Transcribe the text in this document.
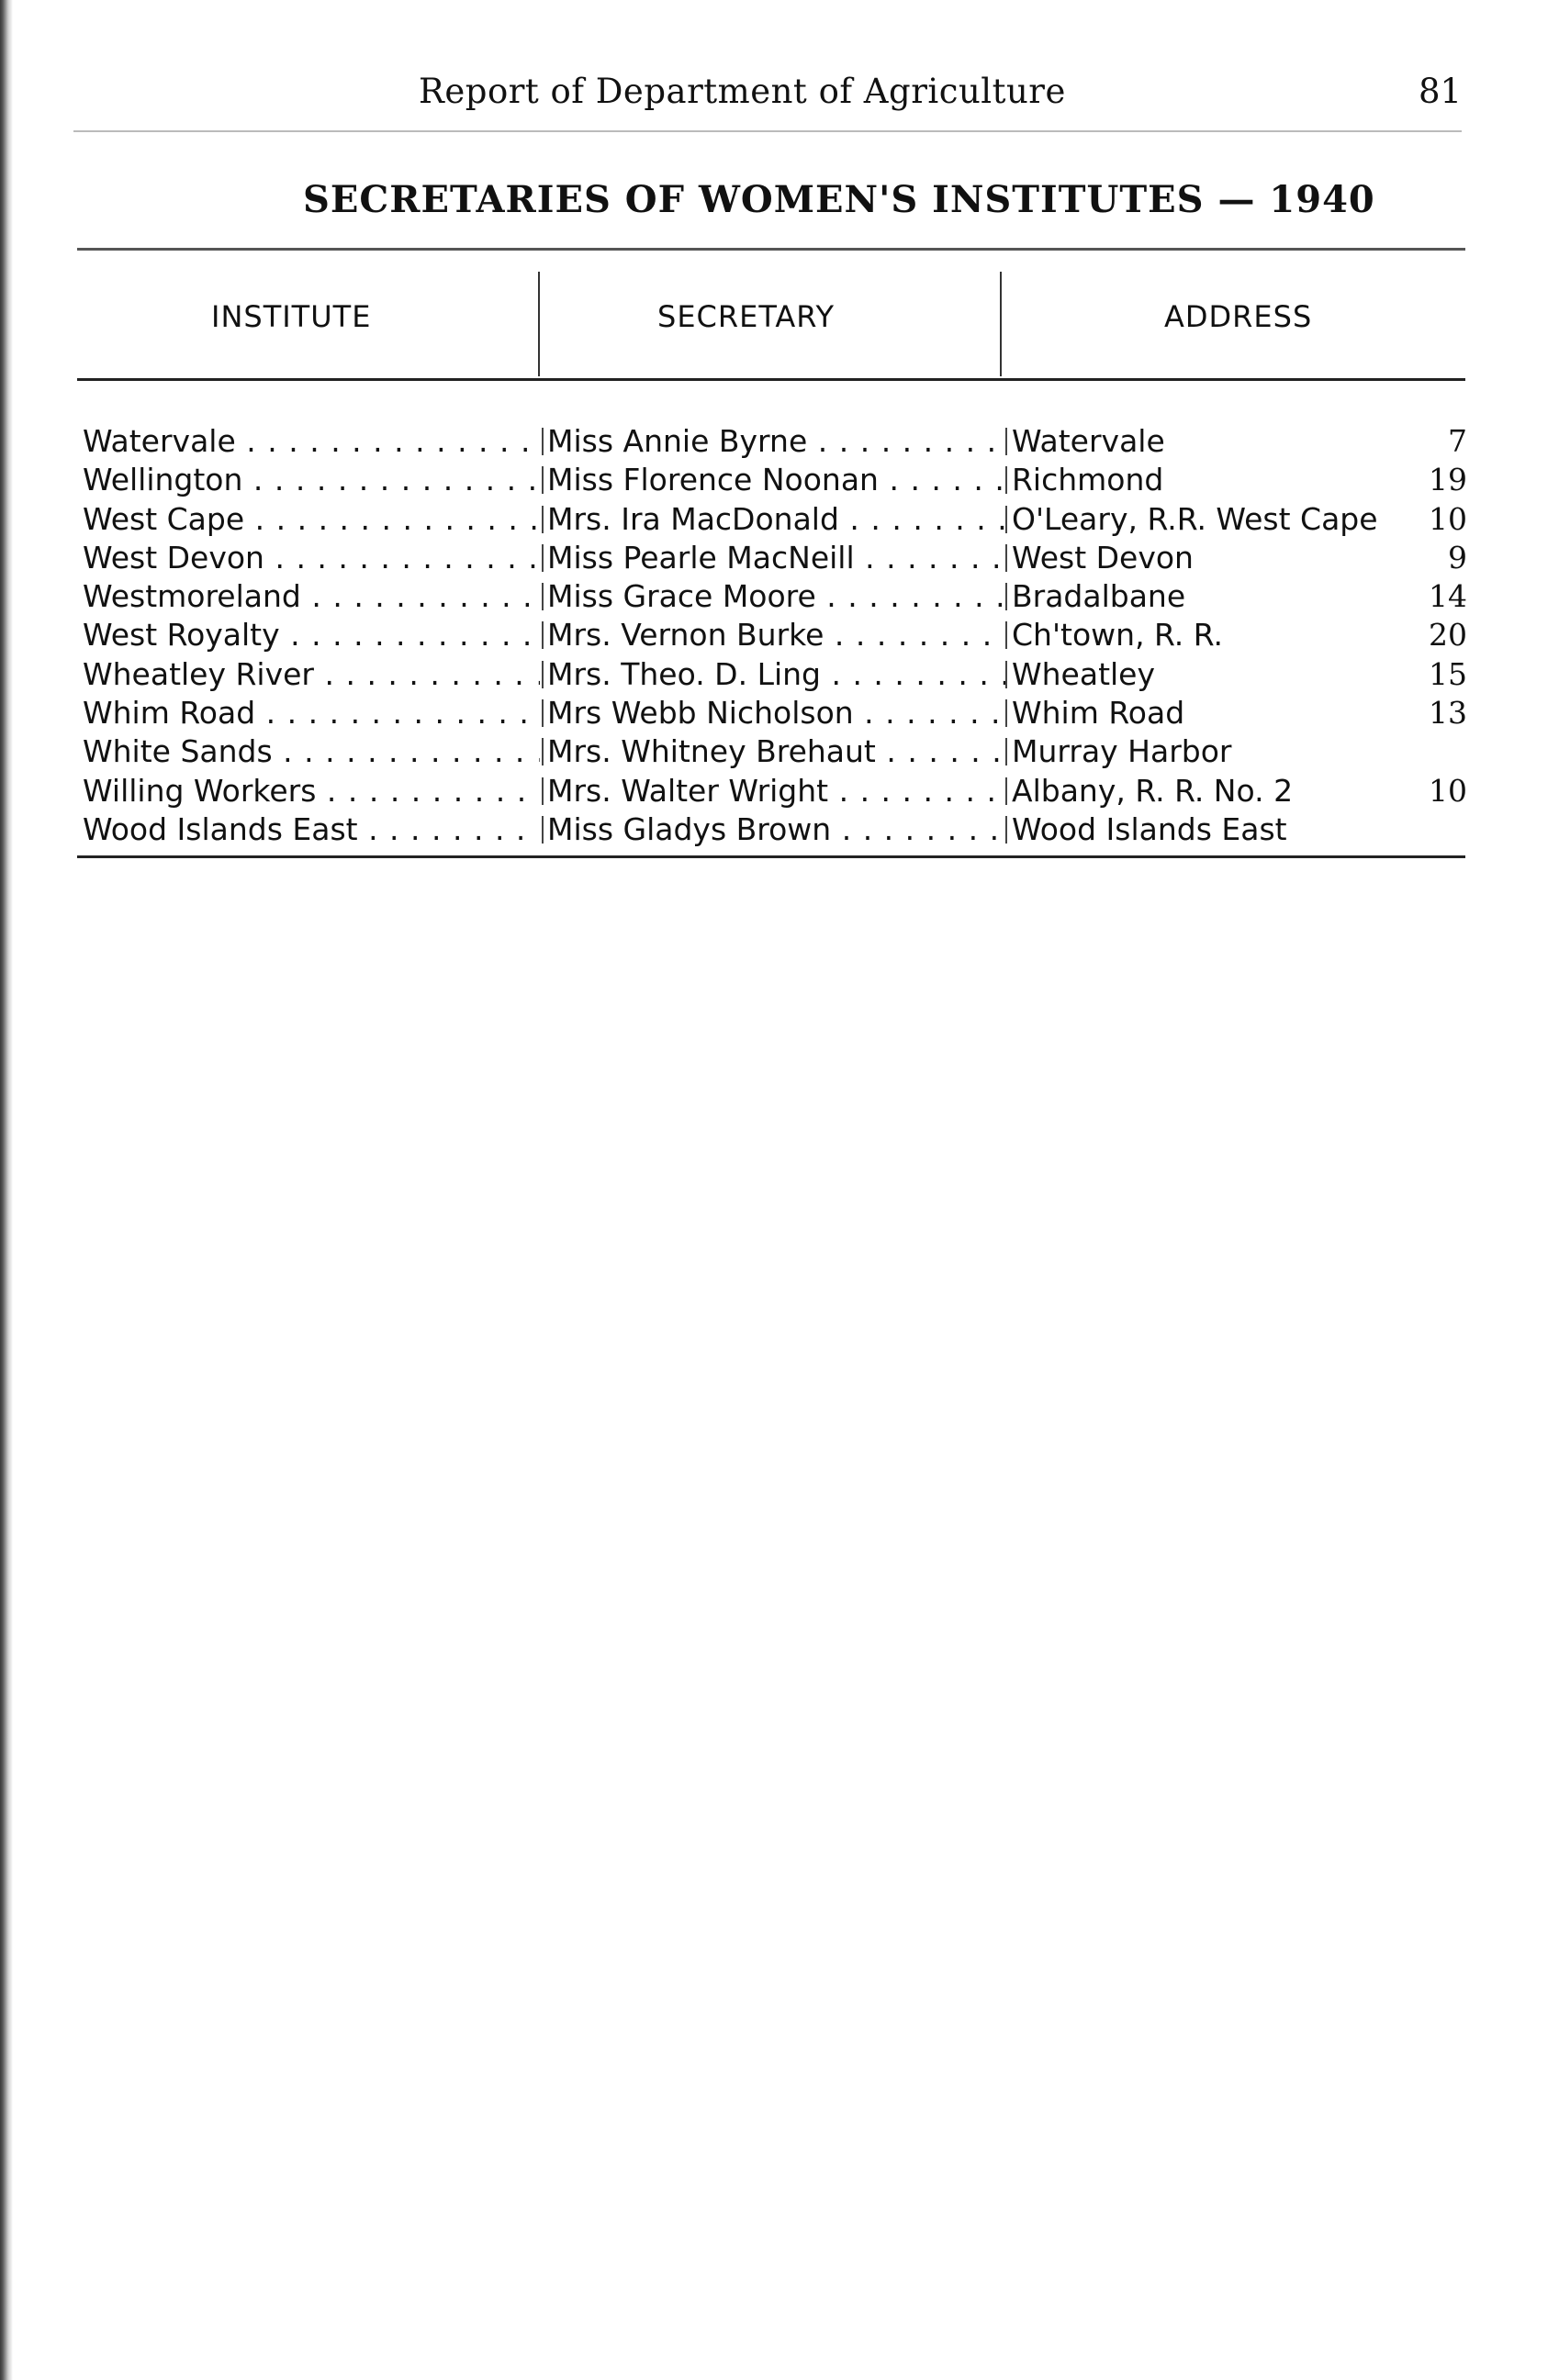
Report of Department of Agriculture	81
SECRETARIES OF WOMEN'S INSTITUTES — 1940
INSTITUTE	SECRETARY	ADDRESS
Watervale . . .	Miss Annie Byrne . . .	Watervale	7
Wellington . . .	Miss Florence Noonan . . .	Richmond	19
West Cape . . .	Mrs. Ira MacDonald . . .	O'Leary, R.R. West Cape	10
West Devon . . .	Miss Pearle MacNeill . . .	West Devon	9
Westmoreland . . .	Miss Grace Moore . . .	Bradalbane	14
West Royalty . . .	Mrs. Vernon Burke . . .	Ch'town, R. R.	20
Wheatley River . . .	Mrs. Theo. D. Ling . . .	Wheatley	15
Whim Road . . .	Mrs Webb Nicholson . . .	Whim Road	13
White Sands . . .	Mrs. Whitney Brehaut . . .	Murray Harbor
Willing Workers . . .	Mrs. Walter Wright . . .	Albany, R. R. No. 2	10
Wood Islands East . . .	Miss Gladys Brown . . .	Wood Islands East
